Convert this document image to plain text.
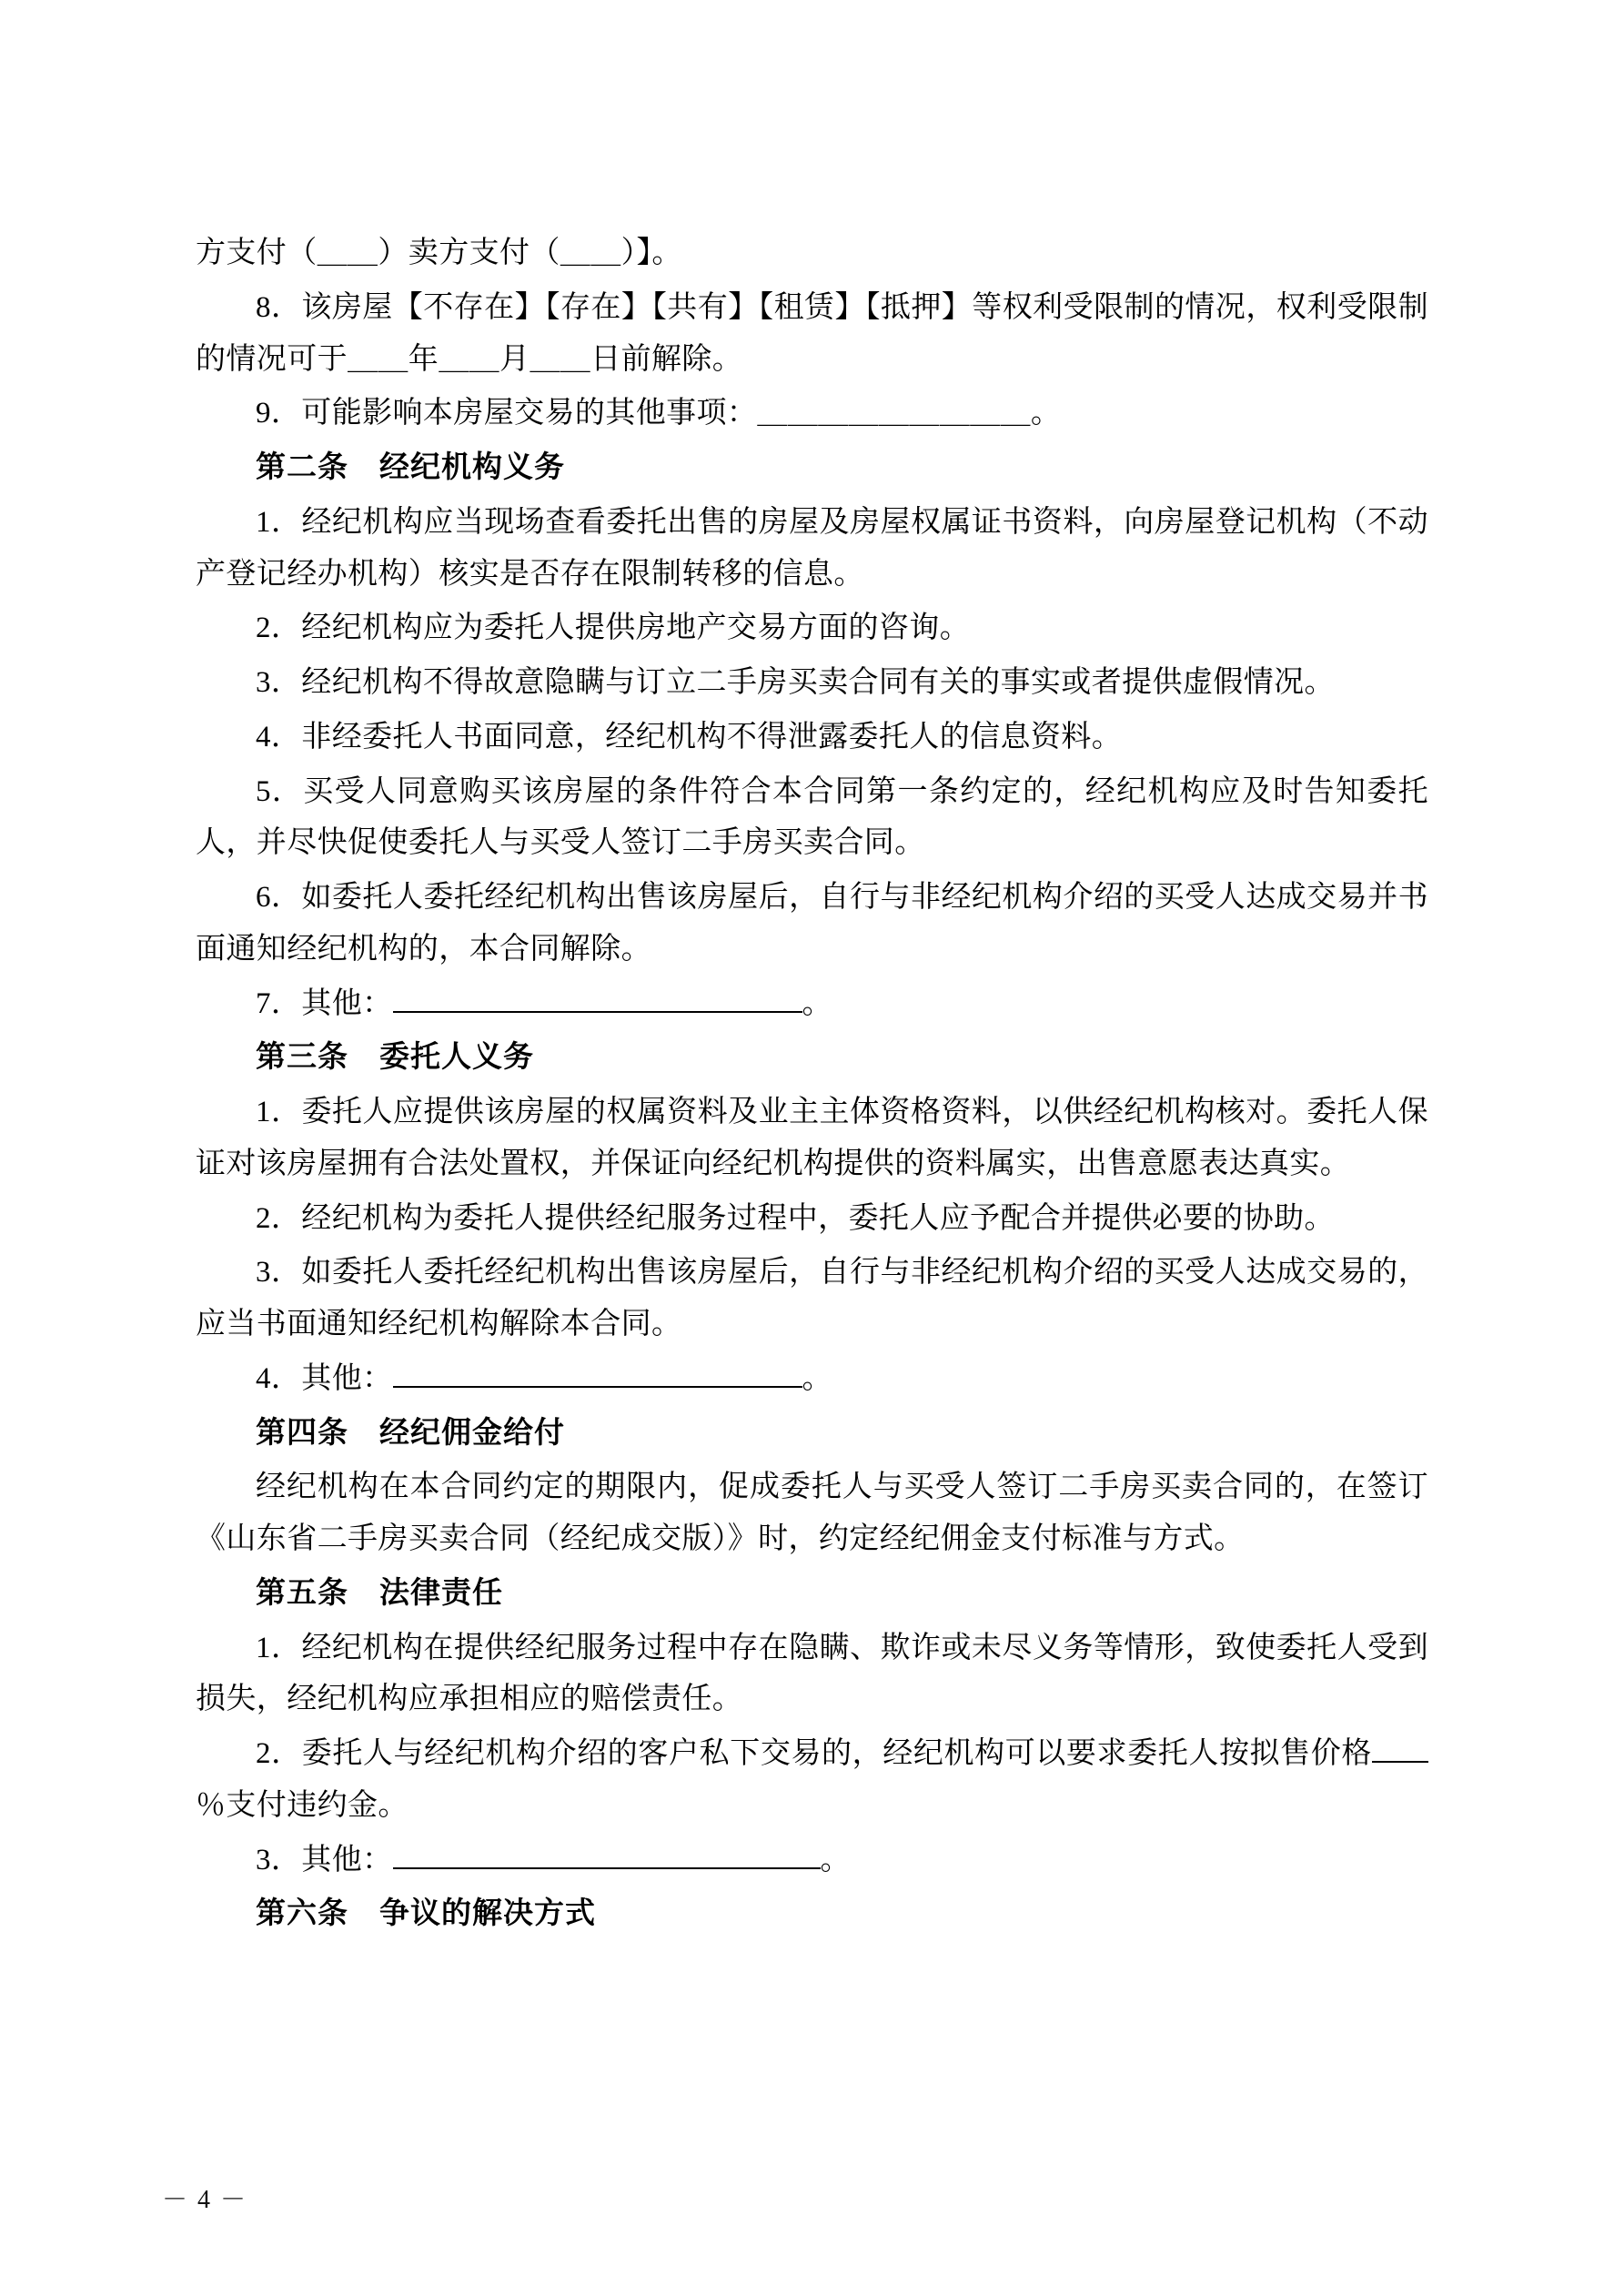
方支付（＿＿）卖方支付（＿＿）】。

8．该房屋【不存在】【存在】【共有】【租赁】【抵押】等权利受限制的情况，权利受限制的情况可于＿＿年＿＿月＿＿日前解除。

9．可能影响本房屋交易的其他事项：＿＿＿＿＿＿＿＿＿。

第二条　经纪机构义务

1．经纪机构应当现场查看委托出售的房屋及房屋权属证书资料，向房屋登记机构（不动产登记经办机构）核实是否存在限制转移的信息。

2．经纪机构应为委托人提供房地产交易方面的咨询。

3．经纪机构不得故意隐瞒与订立二手房买卖合同有关的事实或者提供虚假情况。

4．非经委托人书面同意，经纪机构不得泄露委托人的信息资料。

5．买受人同意购买该房屋的条件符合本合同第一条约定的，经纪机构应及时告知委托人，并尽快促使委托人与买受人签订二手房买卖合同。

6．如委托人委托经纪机构出售该房屋后，自行与非经纪机构介绍的买受人达成交易并书面通知经纪机构的，本合同解除。

7．其他：	。

第三条　委托人义务

1．委托人应提供该房屋的权属资料及业主主体资格资料，以供经纪机构核对。委托人保证对该房屋拥有合法处置权，并保证向经纪机构提供的资料属实，出售意愿表达真实。

2．经纪机构为委托人提供经纪服务过程中，委托人应予配合并提供必要的协助。

3．如委托人委托经纪机构出售该房屋后，自行与非经纪机构介绍的买受人达成交易的，应当书面通知经纪机构解除本合同。

4．其他：	。

第四条　经纪佣金给付

经纪机构在本合同约定的期限内，促成委托人与买受人签订二手房买卖合同的，在签订《山东省二手房买卖合同（经纪成交版）》时，约定经纪佣金支付标准与方式。

第五条　法律责任

1．经纪机构在提供经纪服务过程中存在隐瞒、欺诈或未尽义务等情形，致使委托人受到损失，经纪机构应承担相应的赔偿责任。

2．委托人与经纪机构介绍的客户私下交易的，经纪机构可以要求委托人按拟售价格％支付违约金。

3．其他：	。

第六条　争议的解决方式

－ 4 －
